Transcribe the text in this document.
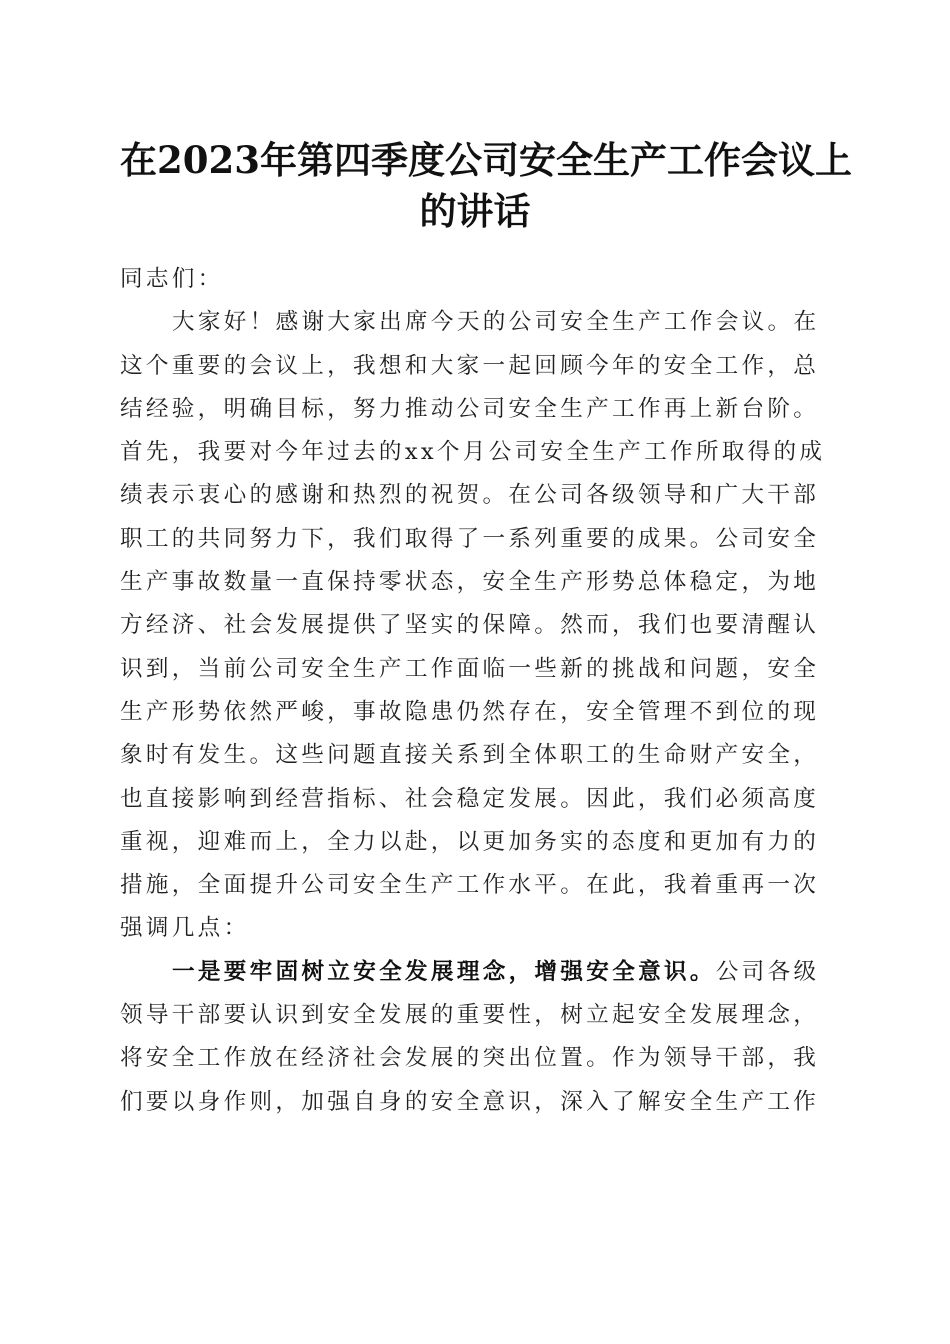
在2023年第四季度公司安全生产工作会议上
的讲话
同志们：
大家好！感谢大家出席今天的公司安全生产工作会议。在
这个重要的会议上，我想和大家一起回顾今年的安全工作，总
结经验，明确目标，努力推动公司安全生产工作再上新台阶。
首先，我要对今年过去的xx个月公司安全生产工作所取得的成
绩表示衷心的感谢和热烈的祝贺。在公司各级领导和广大干部
职工的共同努力下，我们取得了一系列重要的成果。公司安全
生产事故数量一直保持零状态，安全生产形势总体稳定，为地
方经济、社会发展提供了坚实的保障。然而，我们也要清醒认
识到，当前公司安全生产工作面临一些新的挑战和问题，安全
生产形势依然严峻，事故隐患仍然存在，安全管理不到位的现
象时有发生。这些问题直接关系到全体职工的生命财产安全，
也直接影响到经营指标、社会稳定发展。因此，我们必须高度
重视，迎难而上，全力以赴，以更加务实的态度和更加有力的
措施，全面提升公司安全生产工作水平。在此，我着重再一次
强调几点：
一是要牢固树立安全发展理念，增强安全意识。公司各级
领导干部要认识到安全发展的重要性，树立起安全发展理念，
将安全工作放在经济社会发展的突出位置。作为领导干部，我
们要以身作则，加强自身的安全意识，深入了解安全生产工作
